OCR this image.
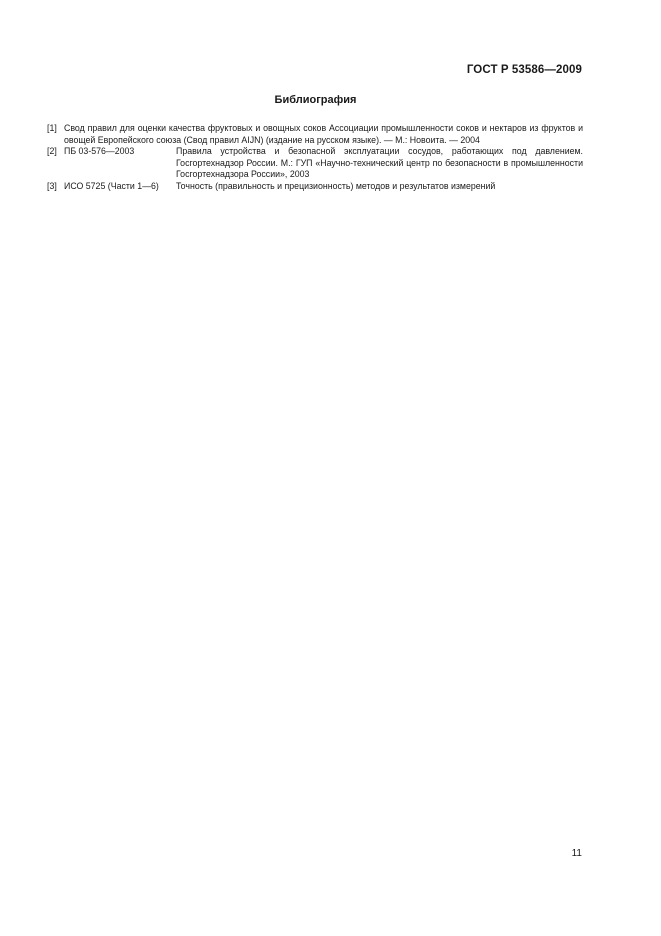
ГОСТ Р 53586—2009
Библиография
[1] Свод правил для оценки качества фруктовых и овощных соков Ассоциации промышленности соков и нектаров из фруктов и овощей Европейского союза (Свод правил AIJN) (издание на русском языке). — М.: Новоита. — 2004
[2] ПБ 03-576—2003	Правила устройства и безопасной эксплуатации сосудов, работающих под давлением. Госгортехнадзор России. М.: ГУП «Научно-технический центр по безопасности в промышленности Госгортехнадзора России», 2003
[3] ИСО 5725 (Части 1—6) Точность (правильность и прецизионность) методов и результатов измерений
11
